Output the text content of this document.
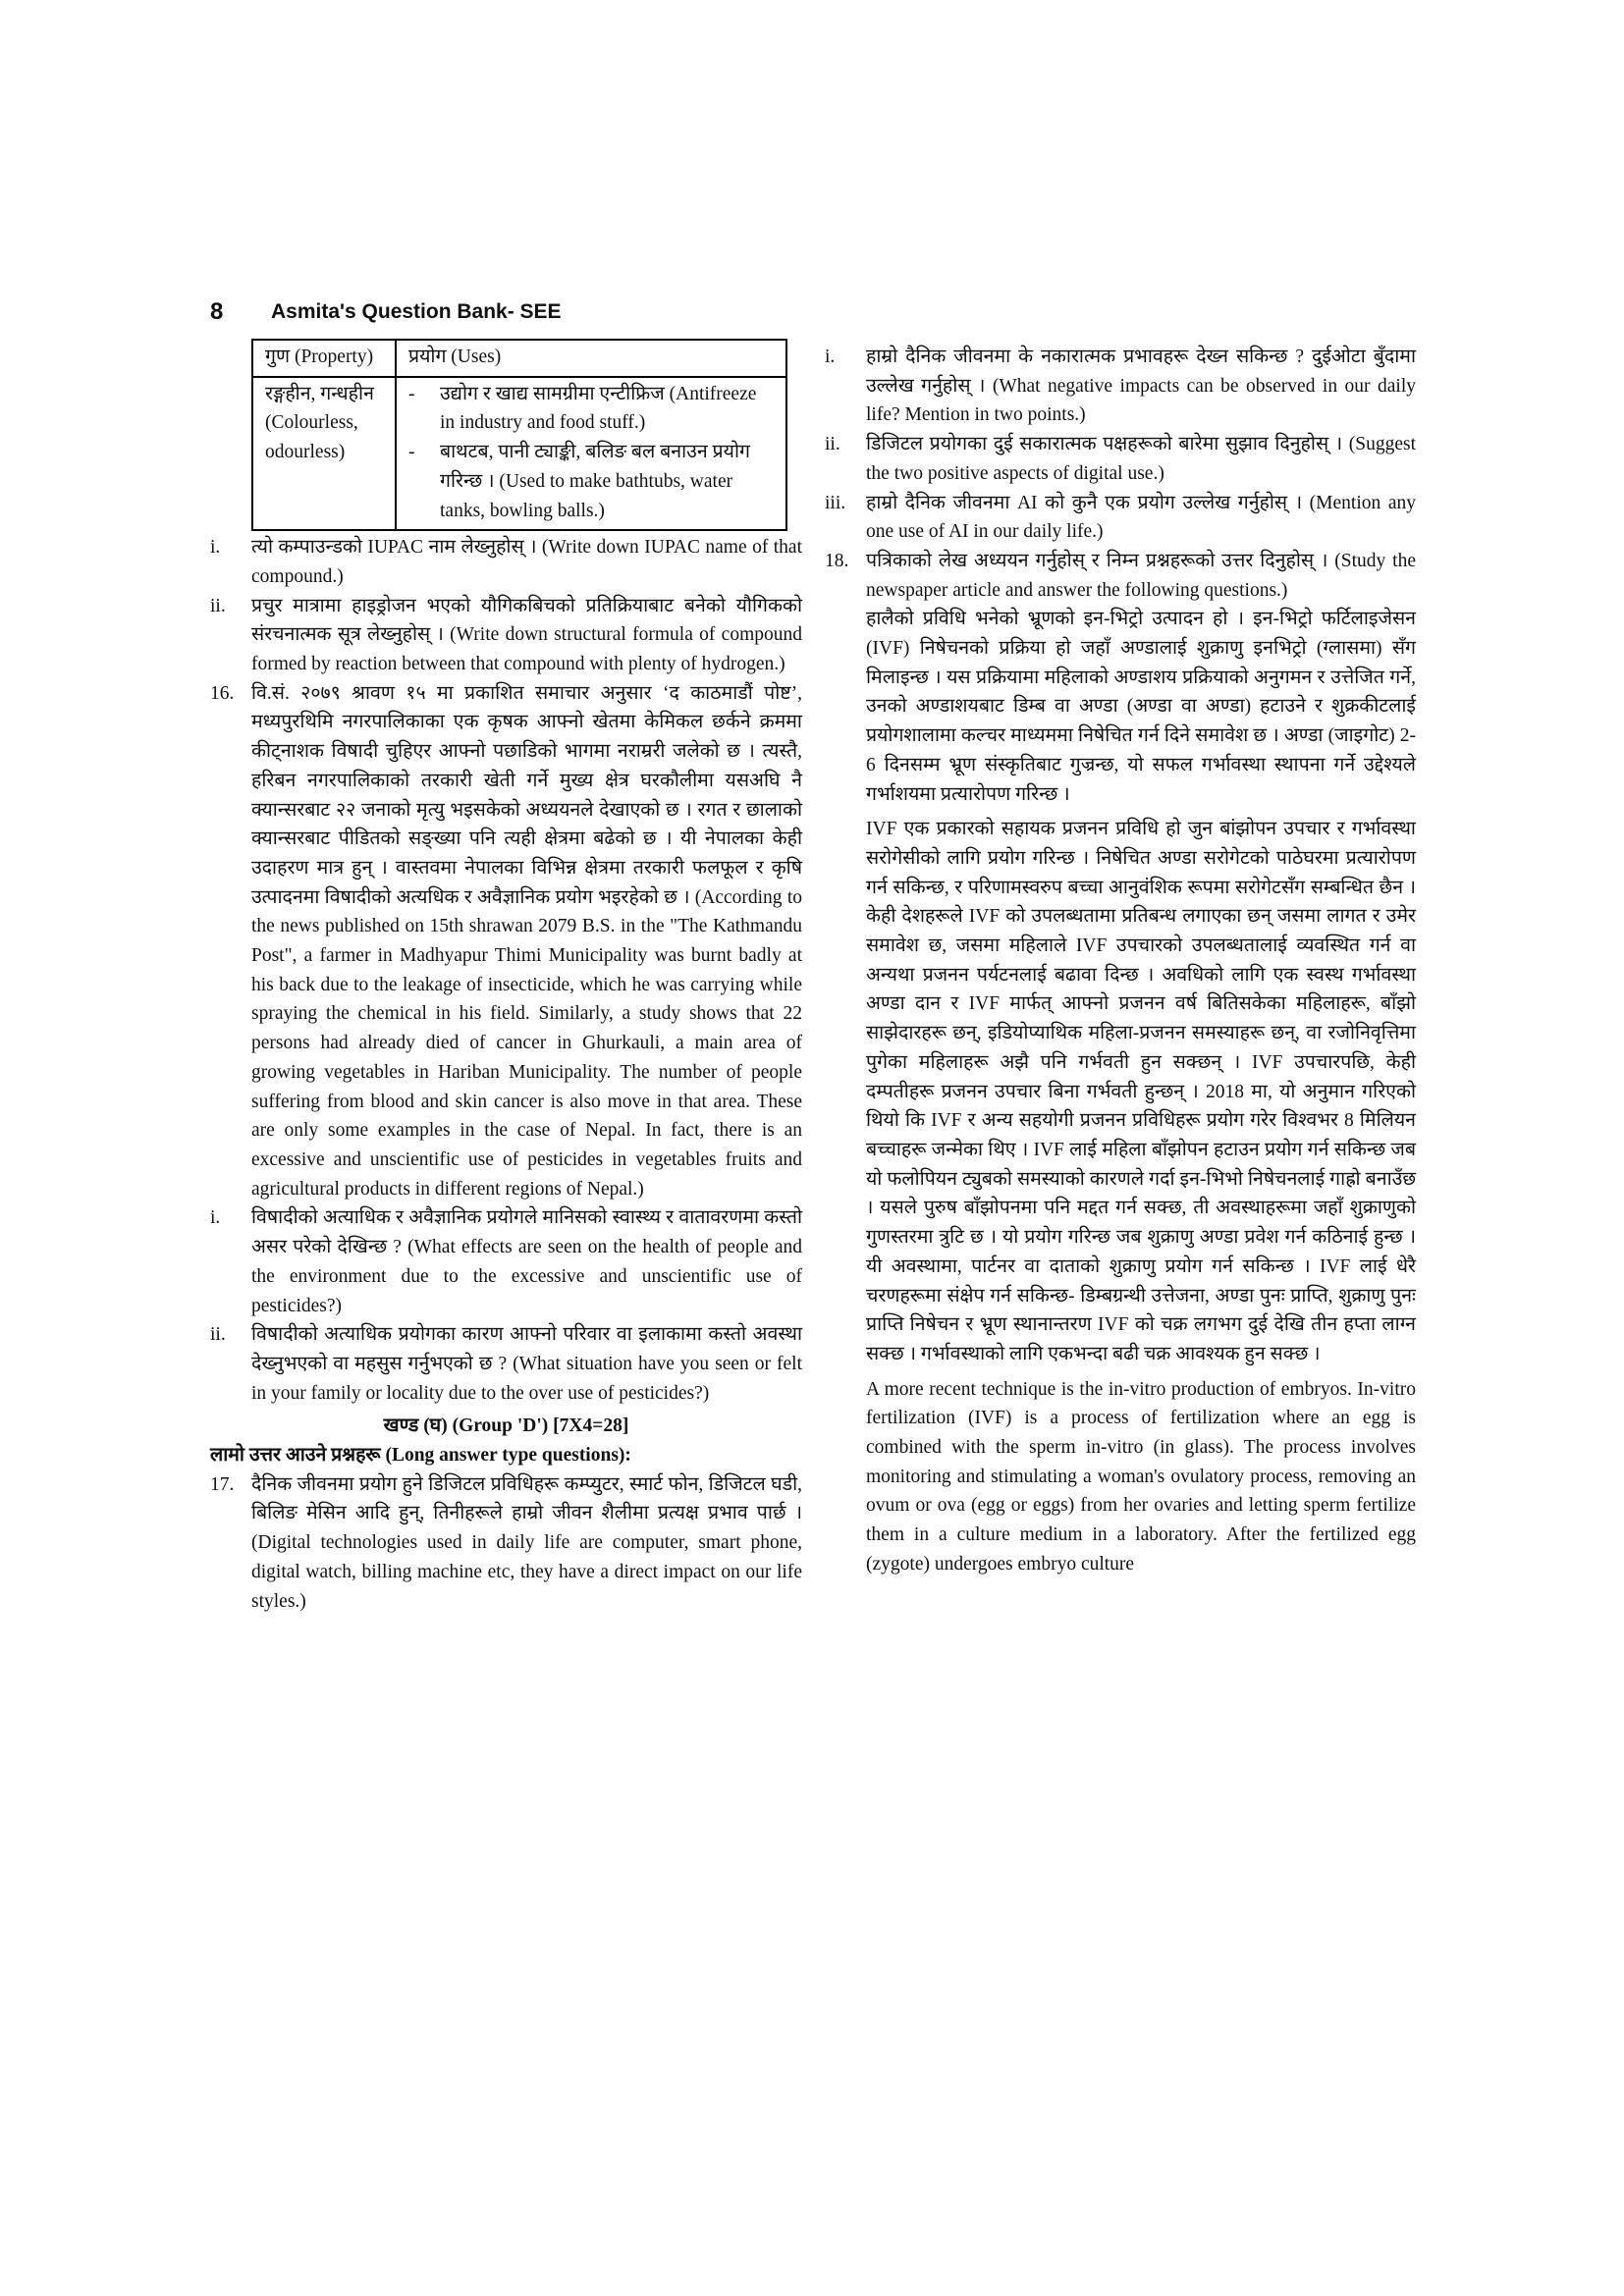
8	Asmita's Question Bank- SEE
गुण (Property)	प्रयोग (Uses)
रङ्गहीन, गन्धहीन (Colourless, odourless)	- उद्योग र खाद्य सामग्रीमा एन्टीफ्रिज (Antifreeze in industry and food stuff.)
- बाथटब, पानी ट्याङ्की, बलिङ बल बनाउन प्रयोग गरिन्छ । (Used to make bathtubs, water tanks, bowling balls.)
i.	त्यो कम्पाउन्डको IUPAC नाम लेख्नुहोस् । (Write down IUPAC name of that compound.)
ii.	प्रचुर मात्रामा हाइड्रोजन भएको यौगिकबिचको प्रतिक्रियाबाट बनेको यौगिकको संरचनात्मक सूत्र लेख्नुहोस् । (Write down structural formula of compound formed by reaction between that compound with plenty of hydrogen.)
16. वि.सं. २०७९ श्रावण १५ मा प्रकाशित समाचार अनुसार ‘द काठमाडौं पोष्ट’, मध्यपुरथिमि नगरपालिकाका एक कृषक आफ्नो खेतमा केमिकल छर्कने क्रममा कीट्नाशक विषादी चुहिएर आफ्नो पछाडिको भागमा नराम्ररी जलेको छ । त्यस्तै, हरिबन नगरपालिकाको तरकारी खेती गर्ने मुख्य क्षेत्र घरकौलीमा यसअघि नै क्यान्सरबाट २२ जनाको मृत्यु भइसकेको अध्ययनले देखाएको छ । रगत र छालाको क्यान्सरबाट पीडितको सङ्ख्या पनि त्यही क्षेत्रमा बढेको छ । यी नेपालका केही उदाहरण मात्र हुन् । वास्तवमा नेपालका विभिन्न क्षेत्रमा तरकारी फलफूल र कृषि उत्पादनमा विषादीको अत्यधिक र अवैज्ञानिक प्रयोग भइरहेको छ । (According to the news published on 15th shrawan 2079 B.S. in the "The Kathmandu Post", a farmer in Madhyapur Thimi Municipality was burnt badly at his back due to the leakage of insecticide, which he was carrying while spraying the chemical in his field. Similarly, a study shows that 22 persons had already died of cancer in Ghurkauli, a main area of growing vegetables in Hariban Municipality. The number of people suffering from blood and skin cancer is also move in that area. These are only some examples in the case of Nepal. In fact, there is an excessive and unscientific use of pesticides in vegetables fruits and agricultural products in different regions of Nepal.)
i.	विषादीको अत्याधिक र अवैज्ञानिक प्रयोगले मानिसको स्वास्थ्य र वातावरणमा कस्तो असर परेको देखिन्छ ? (What effects are seen on the health of people and the environment due to the excessive and unscientific use of pesticides?)
ii.	विषादीको अत्याधिक प्रयोगका कारण आफ्नो परिवार वा इलाकामा कस्तो अवस्था देख्नुभएको वा महसुस गर्नुभएको छ ? (What situation have you seen or felt in your family or locality due to the over use of pesticides?)
खण्ड (घ) (Group 'D') [7X4=28]
लामो उत्तर आउने प्रश्नहरू (Long answer type questions):
17. दैनिक जीवनमा प्रयोग हुने डिजिटल प्रविधिहरू कम्प्युटर, स्मार्ट फोन, डिजिटल घडी, बिलिङ मेसिन आदि हुन्, तिनीहरूले हाम्रो जीवन शैलीमा प्रत्यक्ष प्रभाव पार्छ । (Digital technologies used in daily life are computer, smart phone, digital watch, billing machine etc, they have a direct impact on our life styles.)
i.	हाम्रो दैनिक जीवनमा के नकारात्मक प्रभावहरू देख्न सकिन्छ ? दुईओटा बुँदामा उल्लेख गर्नुहोस् । (What negative impacts can be observed in our daily life? Mention in two points.)
ii.	डिजिटल प्रयोगका दुई सकारात्मक पक्षहरूको बारेमा सुझाव दिनुहोस् । (Suggest the two positive aspects of digital use.)
iii.	हाम्रो दैनिक जीवनमा AI को कुनै एक प्रयोग उल्लेख गर्नुहोस् । (Mention any one use of AI in our daily life.)
18. पत्रिकाको लेख अध्ययन गर्नुहोस् र निम्न प्रश्नहरूको उत्तर दिनुहोस् । (Study the newspaper article and answer the following questions.)
हालैको प्रविधि भनेको भ्रूणको इन-भिट्रो उत्पादन हो । इन-भिट्रो फर्टिलाइजेसन (IVF) निषेचनको प्रक्रिया हो जहाँ अण्डालाई शुक्राणु इनभिट्रो (ग्लासमा) सँग मिलाइन्छ । यस प्रक्रियामा महिलाको अण्डाशय प्रक्रियाको अनुगमन र उत्तेजित गर्ने, उनको अण्डाशयबाट डिम्ब वा अण्डा (अण्डा वा अण्डा) हटाउने र शुक्रकीटलाई प्रयोगशालामा कल्चर माध्यममा निषेचित गर्न दिने समावेश छ । अण्डा (जाइगोट) 2-6 दिनसम्म भ्रूण संस्कृतिबाट गुज्रन्छ, यो सफल गर्भावस्था स्थापना गर्ने उद्देश्यले गर्भाशयमा प्रत्यारोपण गरिन्छ ।
IVF एक प्रकारको सहायक प्रजनन प्रविधि हो जुन बांझोपन उपचार र गर्भावस्था सरोगेसीको लागि प्रयोग गरिन्छ । निषेचित अण्डा सरोगेटको पाठेघरमा प्रत्यारोपण गर्न सकिन्छ, र परिणामस्वरुप बच्चा आनुवंशिक रूपमा सरोगेटसँग सम्बन्धित छैन । केही देशहरूले IVF को उपलब्धतामा प्रतिबन्ध लगाएका छन् जसमा लागत र उमेर समावेश छ, जसमा महिलाले IVF उपचारको उपलब्धतालाई व्यवस्थित गर्न वा अन्यथा प्रजनन पर्यटनलाई बढावा दिन्छ । अवधिको लागि एक स्वस्थ गर्भावस्था अण्डा दान र IVF मार्फत् आफ्नो प्रजनन वर्ष बितिसकेका महिलाहरू, बाँझो साझेदारहरू छन्, इडियोप्याथिक महिला-प्रजनन समस्याहरू छन्, वा रजोनिवृत्तिमा पुगेका महिलाहरू अझै पनि गर्भवती हुन सक्छन् । IVF उपचारपछि, केही दम्पतीहरू प्रजनन उपचार बिना गर्भवती हुन्छन् । 2018 मा, यो अनुमान गरिएको थियो कि IVF र अन्य सहयोगी प्रजनन प्रविधिहरू प्रयोग गरेर विश्वभर 8 मिलियन बच्चाहरू जन्मेका थिए । IVF लाई महिला बाँझोपन हटाउन प्रयोग गर्न सकिन्छ जब यो फलोपियन ट्युबको समस्याको कारणले गर्दा इन-भिभो निषेचनलाई गाह्रो बनाउँछ । यसले पुरुष बाँझोपनमा पनि मद्दत गर्न सक्छ, ती अवस्थाहरूमा जहाँ शुक्राणुको गुणस्तरमा त्रुटि छ । यो प्रयोग गरिन्छ जब शुक्राणु अण्डा प्रवेश गर्न कठिनाई हुन्छ । यी अवस्थामा, पार्टनर वा दाताको शुक्राणु प्रयोग गर्न सकिन्छ । IVF लाई धेरै चरणहरूमा संक्षेप गर्न सकिन्छ- डिम्बग्रन्थी उत्तेजना, अण्डा पुनः प्राप्ति, शुक्राणु पुनः प्राप्ति निषेचन र भ्रूण स्थानान्तरण IVF को चक्र लगभग दुई देखि तीन हप्ता लाग्न सक्छ । गर्भावस्थाको लागि एकभन्दा बढी चक्र आवश्यक हुन सक्छ ।
A more recent technique is the in-vitro production of embryos. In-vitro fertilization (IVF) is a process of fertilization where an egg is combined with the sperm in-vitro (in glass). The process involves monitoring and stimulating a woman's ovulatory process, removing an ovum or ova (egg or eggs) from her ovaries and letting sperm fertilize them in a culture medium in a laboratory. After the fertilized egg (zygote) undergoes embryo culture
